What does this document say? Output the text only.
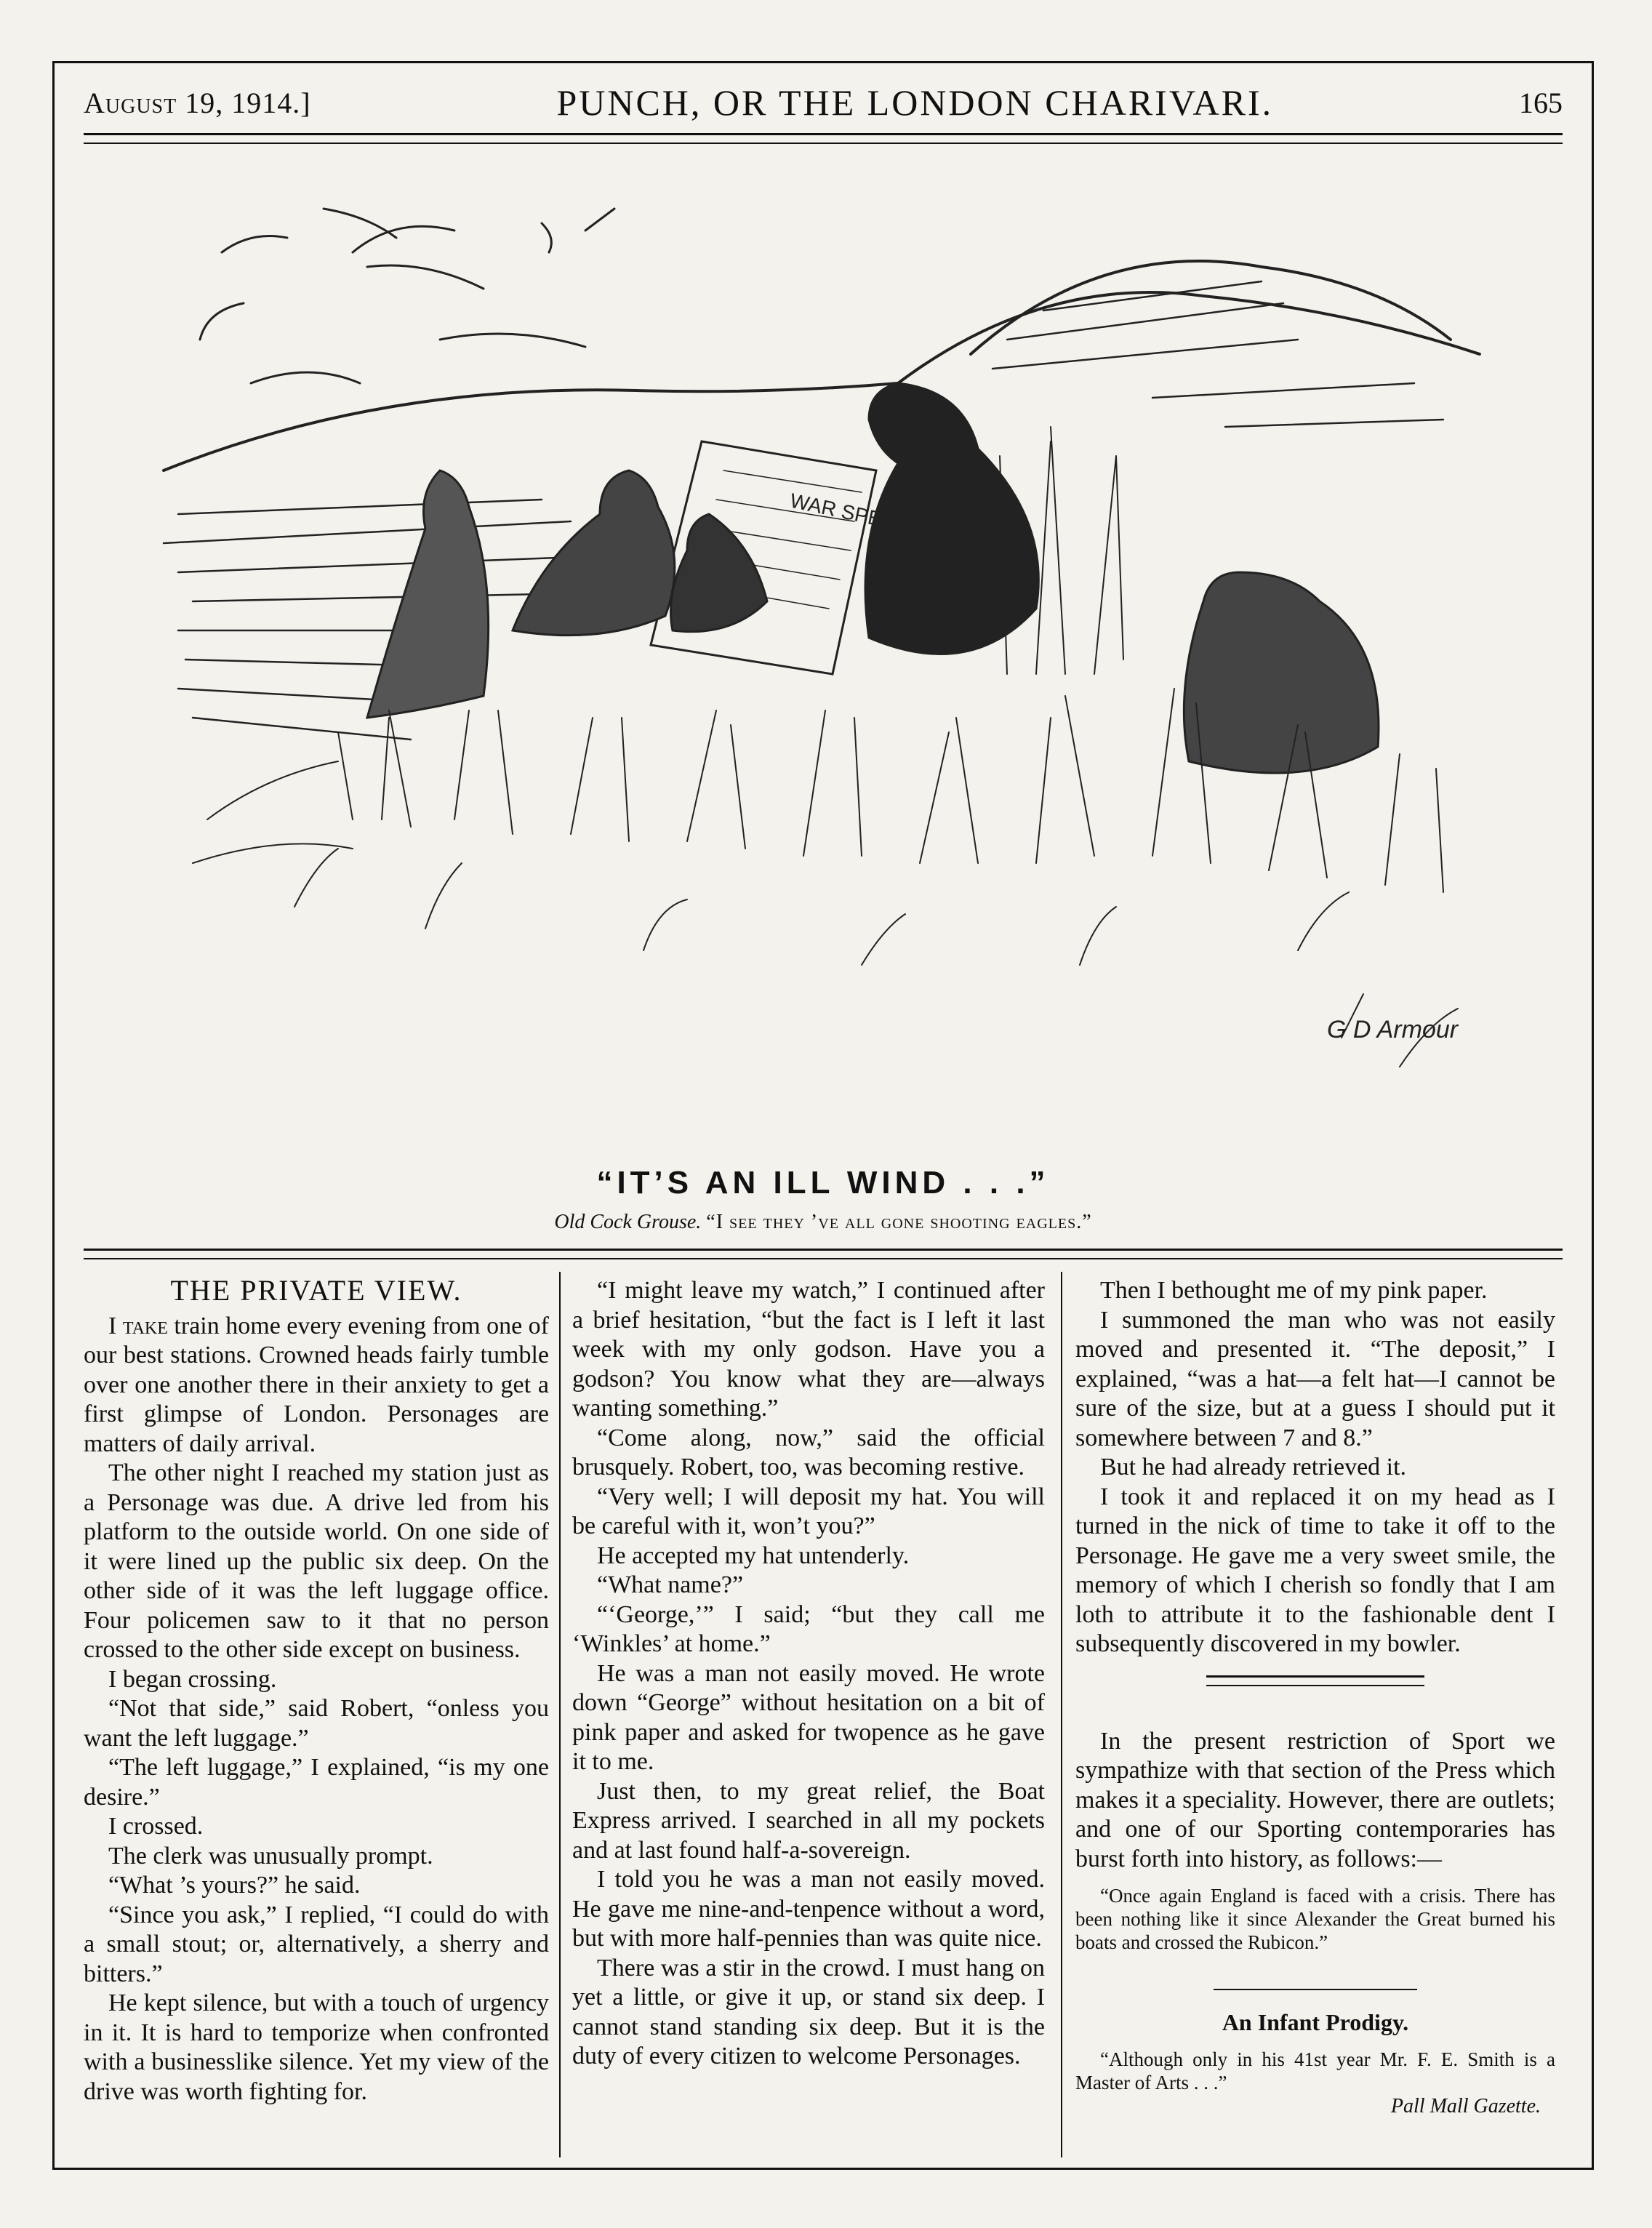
August 19, 1914.]	PUNCH, OR THE LONDON CHARIVARI.	165
WAR SPECIAL
G D Armour
“IT’S AN ILL WIND . . .”
Old Cock Grouse. “I see they ’ve all gone shooting eagles.”
THE PRIVATE VIEW.

I take train home every evening from one of our best stations. Crowned heads fairly tumble over one another there in their anxiety to get a first glimpse of London. Personages are matters of daily arrival.

The other night I reached my station just as a Personage was due. A drive led from his platform to the outside world. On one side of it were lined up the public six deep. On the other side of it was the left luggage office. Four policemen saw to it that no person crossed to the other side except on business.

I began crossing.

“Not that side,” said Robert, “onless you want the left luggage.”

“The left luggage,” I explained, “is my one desire.”

I crossed.

The clerk was unusually prompt.

“What ’s yours?” he said.

“Since you ask,” I replied, “I could do with a small stout; or, alternatively, a sherry and bitters.”

He kept silence, but with a touch of urgency in it. It is hard to temporize when confronted with a businesslike silence. Yet my view of the drive was worth fighting for.

“I might leave my watch,” I continued after a brief hesitation, “but the fact is I left it last week with my only godson. Have you a godson? You know what they are—always wanting something.”

“Come along, now,” said the official brusquely. Robert, too, was becoming restive.

“Very well; I will deposit my hat. You will be careful with it, won’t you?”

He accepted my hat untenderly.

“What name?”

“‘George,’” I said; “but they call me ‘Winkles’ at home.”

He was a man not easily moved. He wrote down “George” without hesitation on a bit of pink paper and asked for twopence as he gave it to me.

Just then, to my great relief, the Boat Express arrived. I searched in all my pockets and at last found half-a-sovereign.

I told you he was a man not easily moved. He gave me nine-and-tenpence without a word, but with more half-pennies than was quite nice.

There was a stir in the crowd. I must hang on yet a little, or give it up, or stand six deep. I cannot stand standing six deep. But it is the duty of every citizen to welcome Personages.

Then I bethought me of my pink paper.

I summoned the man who was not easily moved and presented it. “The deposit,” I explained, “was a hat—a felt hat—I cannot be sure of the size, but at a guess I should put it somewhere between 7 and 8.”

But he had already retrieved it.

I took it and replaced it on my head as I turned in the nick of time to take it off to the Personage. He gave me a very sweet smile, the memory of which I cherish so fondly that I am loth to attribute it to the fashionable dent I subsequently discovered in my bowler.

In the present restriction of Sport we sympathize with that section of the Press which makes it a speciality. However, there are outlets; and one of our Sporting contemporaries has burst forth into history, as follows:—

“Once again England is faced with a crisis. There has been nothing like it since Alexander the Great burned his boats and crossed the Rubicon.”

An Infant Prodigy.

“Although only in his 41st year Mr. F. E. Smith is a Master of Arts . . .”

Pall Mall Gazette.
